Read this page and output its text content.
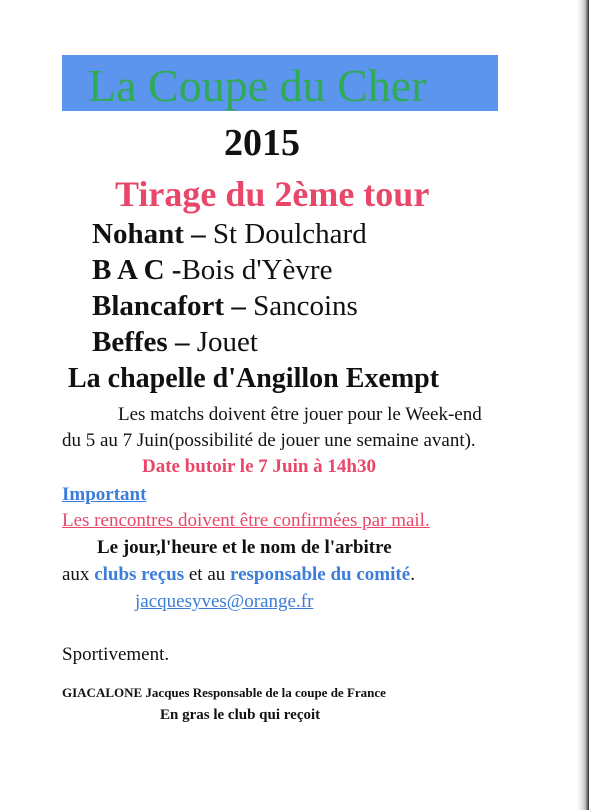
La Coupe du Cher
2015
Tirage du 2ème tour
Nohant – St Doulchard
B A C -Bois d'Yèvre
Blancafort – Sancoins
Beffes – Jouet
La chapelle d'Angillon Exempt
Les matchs doivent être jouer pour le Week-end
du 5 au 7 Juin(possibilité de jouer une semaine avant).
Date butoir le 7 Juin à 14h30
Important
Les rencontres doivent être confirmées par mail.
Le jour,l'heure et le nom de l'arbitre
aux clubs reçus et au responsable du comité.
jacquesyves@orange.fr
Sportivement.
GIACALONE Jacques Responsable de la coupe de France
En gras le club qui reçoit
